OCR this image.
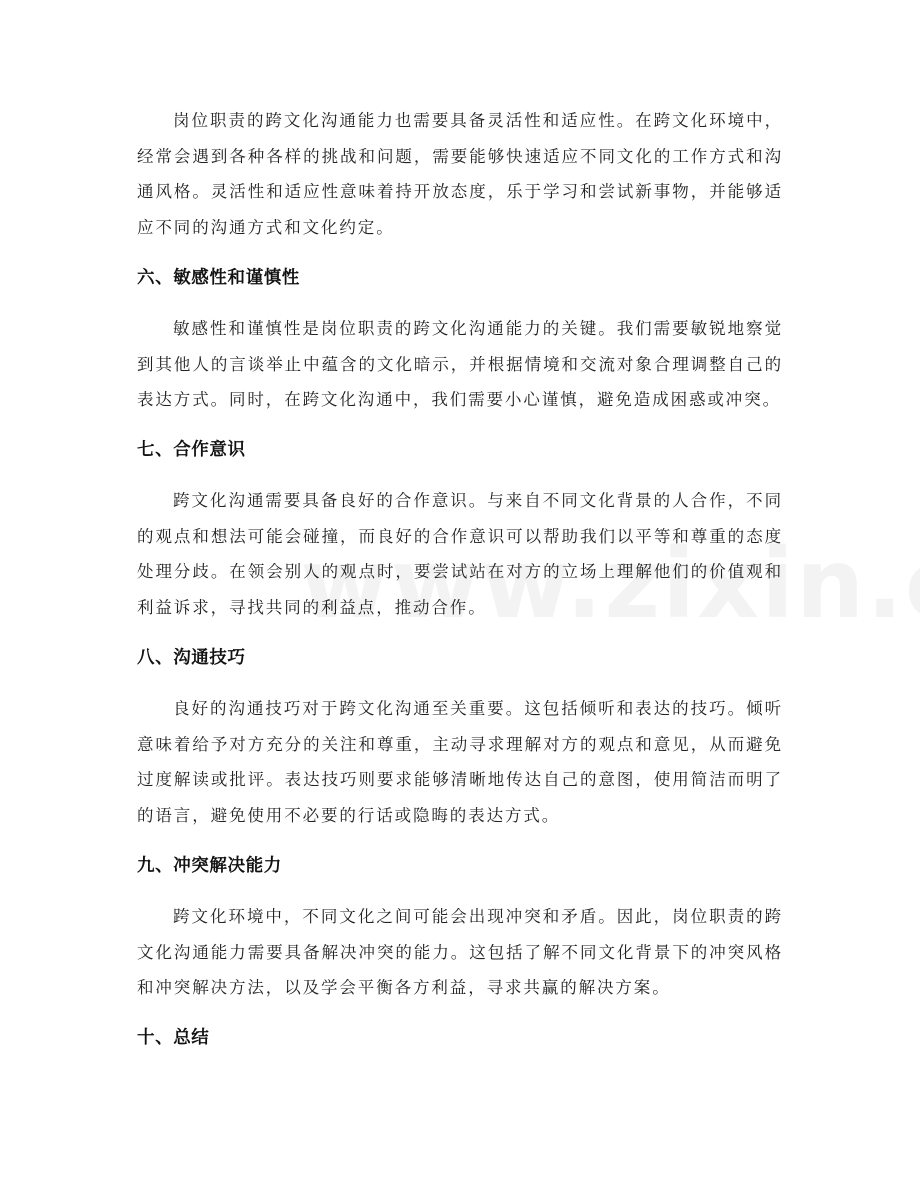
岗位职责的跨文化沟通能力也需要具备灵活性和适应性。在跨文化环境中，经常会遇到各种各样的挑战和问题，需要能够快速适应不同文化的工作方式和沟通风格。灵活性和适应性意味着持开放态度，乐于学习和尝试新事物，并能够适应不同的沟通方式和文化约定。

六、敏感性和谨慎性

敏感性和谨慎性是岗位职责的跨文化沟通能力的关键。我们需要敏锐地察觉到其他人的言谈举止中蕴含的文化暗示，并根据情境和交流对象合理调整自己的表达方式。同时，在跨文化沟通中，我们需要小心谨慎，避免造成困惑或冲突。

七、合作意识

跨文化沟通需要具备良好的合作意识。与来自不同文化背景的人合作，不同的观点和想法可能会碰撞，而良好的合作意识可以帮助我们以平等和尊重的态度处理分歧。在领会别人的观点时，要尝试站在对方的立场上理解他们的价值观和利益诉求，寻找共同的利益点，推动合作。

八、沟通技巧

良好的沟通技巧对于跨文化沟通至关重要。这包括倾听和表达的技巧。倾听意味着给予对方充分的关注和尊重，主动寻求理解对方的观点和意见，从而避免过度解读或批评。表达技巧则要求能够清晰地传达自己的意图，使用简洁而明了的语言，避免使用不必要的行话或隐晦的表达方式。

九、冲突解决能力

跨文化环境中，不同文化之间可能会出现冲突和矛盾。因此，岗位职责的跨文化沟通能力需要具备解决冲突的能力。这包括了解不同文化背景下的冲突风格和冲突解决方法，以及学会平衡各方利益，寻求共赢的解决方案。

十、总结
